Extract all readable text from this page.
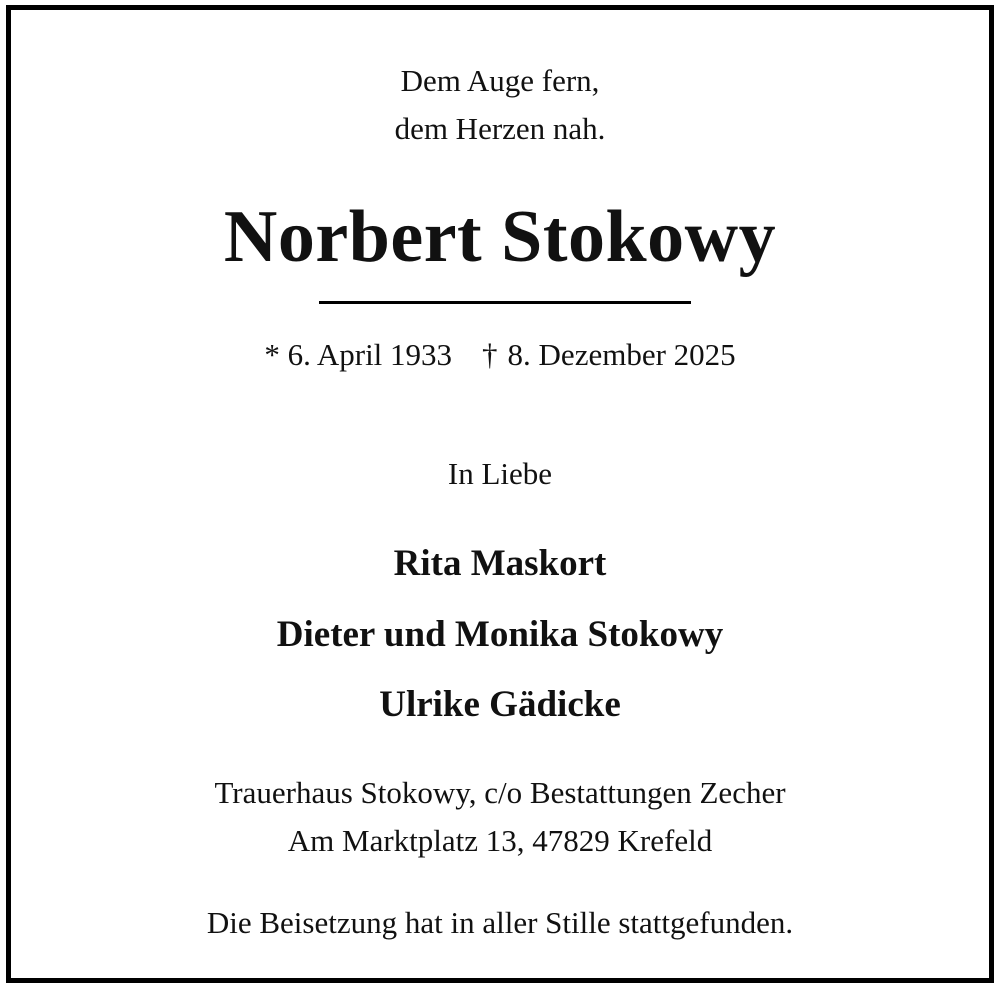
Dem Auge fern,
dem Herzen nah.
Norbert Stokowy
* 6. April 1933 † 8. Dezember 2025
In Liebe
Rita Maskort
Dieter und Monika Stokowy
Ulrike Gädicke
Trauerhaus Stokowy, c/o Bestattungen Zecher
Am Marktplatz 13, 47829 Krefeld
Die Beisetzung hat in aller Stille stattgefunden.
